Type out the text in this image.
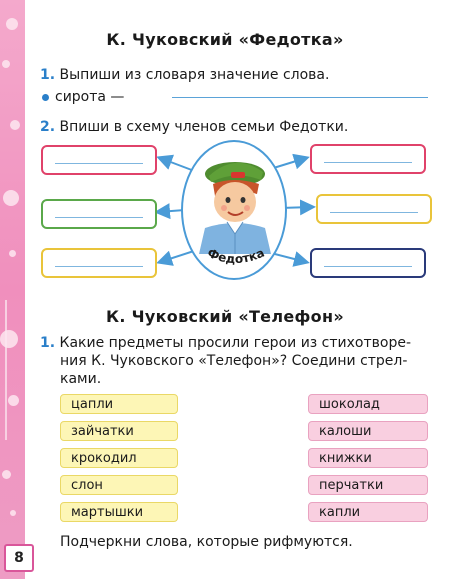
8
К. Чуковский «Федотка»
1. Выпиши из словаря значение слова.
сирота —
2. Впиши в схему членов семьи Федотки.
Федотка
К. Чуковский «Телефон»
1. Какие предметы просили герои из стихотворе-
ния К. Чуковского «Телефон»? Соедини стрел-
ками.
цапли
зайчатки
крокодил
слон
мартышки
шоколад
калоши
книжки
перчатки
капли
Подчеркни слова, которые рифмуются.
